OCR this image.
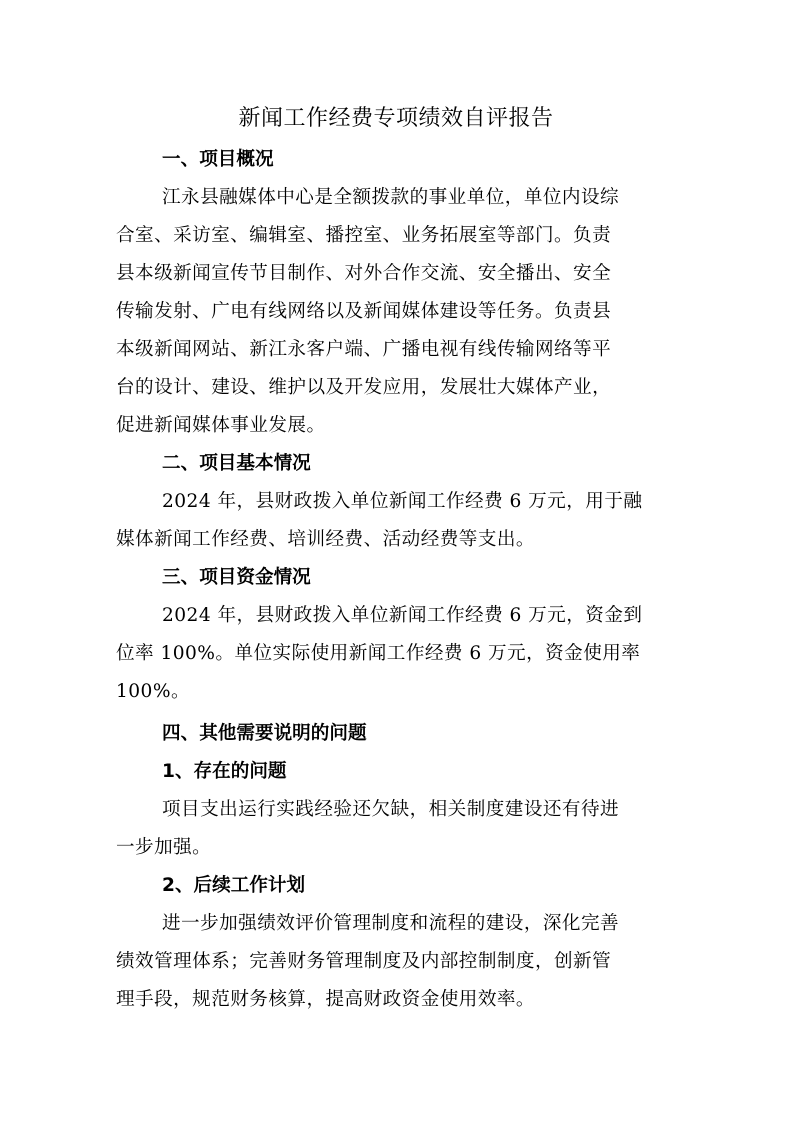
新闻工作经费专项绩效自评报告
一、项目概况
江永县融媒体中心是全额拨款的事业单位，单位内设综
合室、采访室、编辑室、播控室、业务拓展室等部门。负责
县本级新闻宣传节目制作、对外合作交流、安全播出、安全
传输发射、广电有线网络以及新闻媒体建设等任务。负责县
本级新闻网站、新江永客户端、广播电视有线传输网络等平
台的设计、建设、维护以及开发应用，发展壮大媒体产业，
促进新闻媒体事业发展。
二、项目基本情况
2024 年，县财政拨入单位新闻工作经费 6 万元，用于融
媒体新闻工作经费、培训经费、活动经费等支出。
三、项目资金情况
2024 年，县财政拨入单位新闻工作经费 6 万元，资金到
位率 100%。单位实际使用新闻工作经费 6 万元，资金使用率
100%。
四、其他需要说明的问题
1、存在的问题
项目支出运行实践经验还欠缺，相关制度建设还有待进
一步加强。
2、后续工作计划
进一步加强绩效评价管理制度和流程的建设，深化完善
绩效管理体系；完善财务管理制度及内部控制制度，创新管
理手段，规范财务核算，提高财政资金使用效率。
